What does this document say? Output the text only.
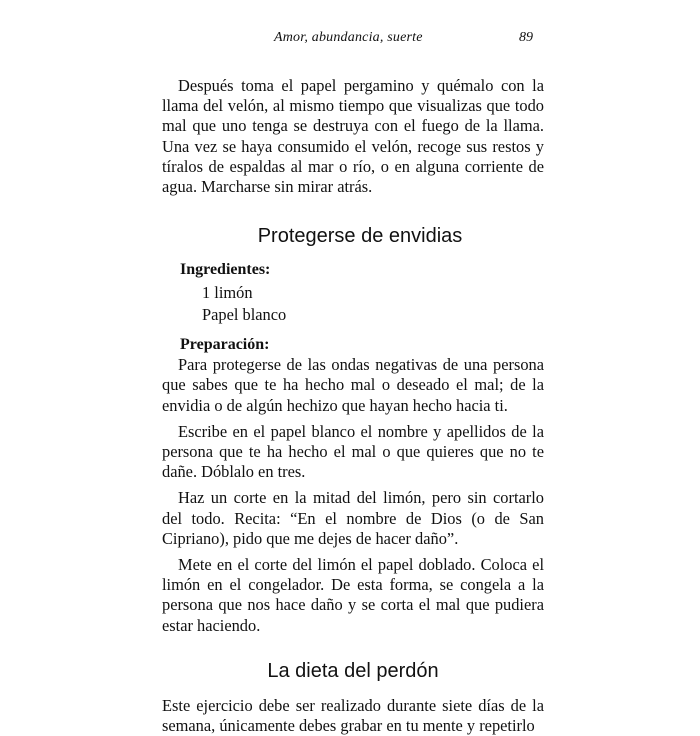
Amor, abundancia, suerte	89

Después toma el papel pergamino y quémalo con la llama del velón, al mismo tiempo que visualizas que todo mal que uno tenga se destruya con el fuego de la llama. Una vez se haya consumido el velón, recoge sus restos y tíralos de espaldas al mar o río, o en alguna corriente de agua. Marcharse sin mirar atrás.

Protegerse de envidias
Ingredientes:
1 limón
Papel blanco
Preparación:

Para protegerse de las ondas negativas de una persona que sabes que te ha hecho mal o deseado el mal; de la envidia o de algún hechizo que hayan hecho hacia ti.

Escribe en el papel blanco el nombre y apellidos de la persona que te ha hecho el mal o que quieres que no te dañe. Dóblalo en tres.

Haz un corte en la mitad del limón, pero sin cortarlo del todo. Recita: “En el nombre de Dios (o de San Cipriano), pido que me dejes de hacer daño”.

Mete en el corte del limón el papel doblado. Coloca el limón en el congelador. De esta forma, se congela a la persona que nos hace daño y se corta el mal que pudiera estar haciendo.

La dieta del perdón

Este ejercicio debe ser realizado durante siete días de la semana, únicamente debes grabar en tu mente y repetirlo
